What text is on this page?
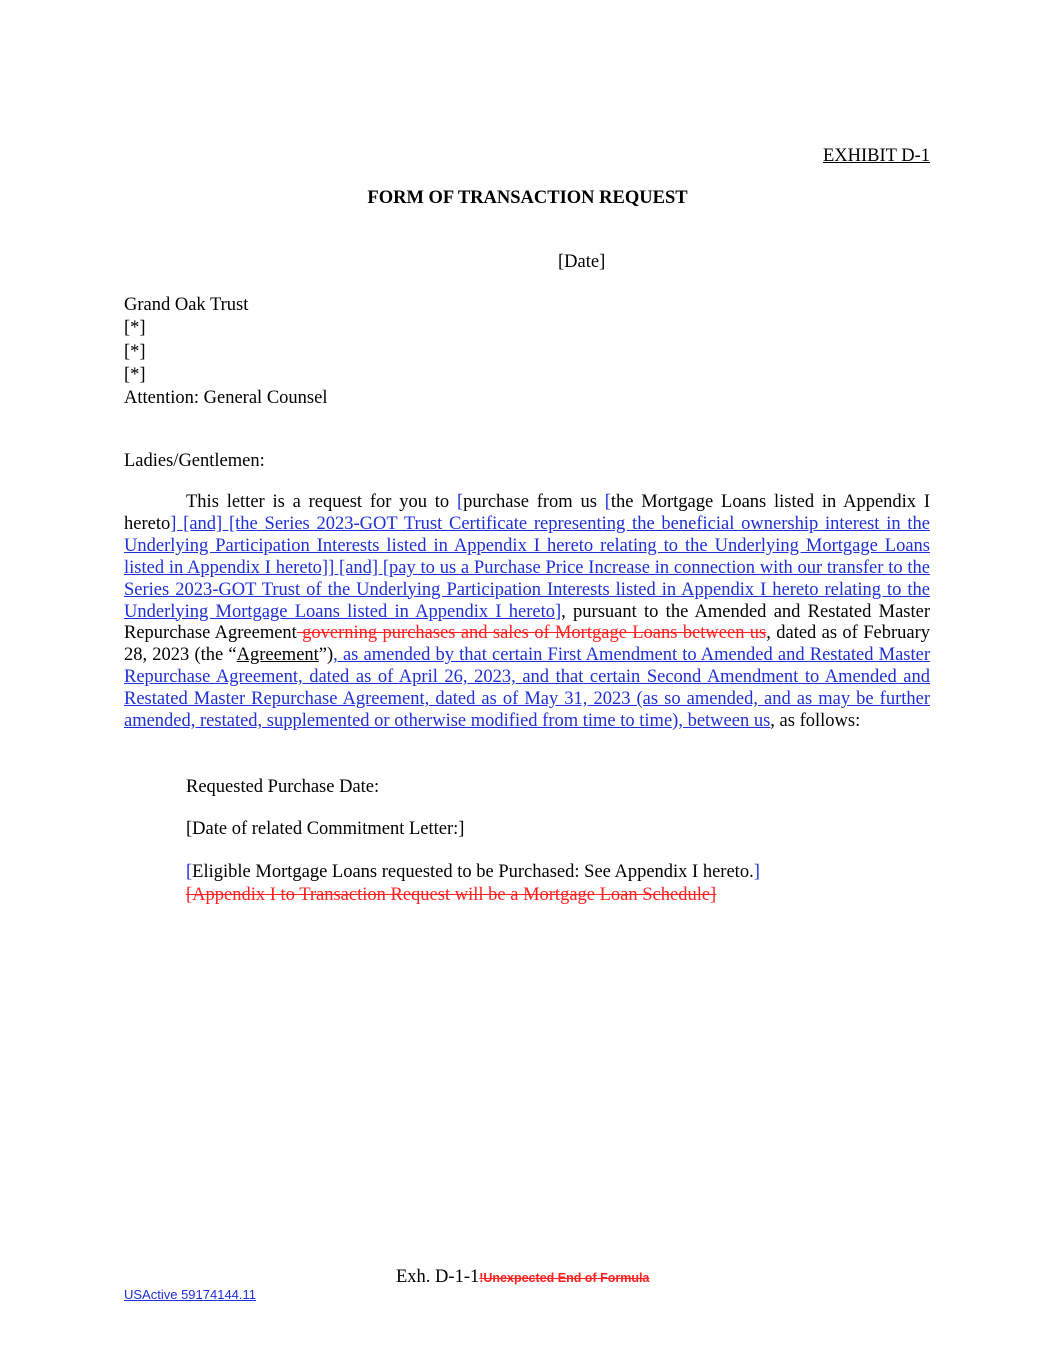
EXHIBIT D-1
FORM OF TRANSACTION REQUEST
[Date]
Grand Oak Trust
[*]
[*]
[*]
Attention: General Counsel
Ladies/Gentlemen:

This letter is a request for you to [purchase from us [the Mortgage Loans listed in Appendix I hereto] [and] [the Series 2023-GOT Trust Certificate representing the beneficial ownership interest in the Underlying Participation Interests listed in Appendix I hereto relating to the Underlying Mortgage Loans listed in Appendix I hereto]] [and] [pay to us a Purchase Price Increase in connection with our transfer to the Series 2023-GOT Trust of the Underlying Participation Interests listed in Appendix I hereto relating to the Underlying Mortgage Loans listed in Appendix I hereto], pursuant to the Amended and Restated Master Repurchase Agreement governing purchases and sales of Mortgage Loans between us, dated as of February 28, 2023 (the “Agreement”), as amended by that certain First Amendment to Amended and Restated Master Repurchase Agreement, dated as of April 26, 2023, and that certain Second Amendment to Amended and Restated Master Repurchase Agreement, dated as of May 31, 2023 (as so amended, and as may be further amended, restated, supplemented or otherwise modified from time to time), between us, as follows:

Requested Purchase Date:
[Date of related Commitment Letter:]
[Eligible Mortgage Loans requested to be Purchased: See Appendix I hereto.]
[Appendix I to Transaction Request will be a Mortgage Loan Schedule]
Exh. D-1-1!Unexpected End of Formula
USActive 59174144.11
